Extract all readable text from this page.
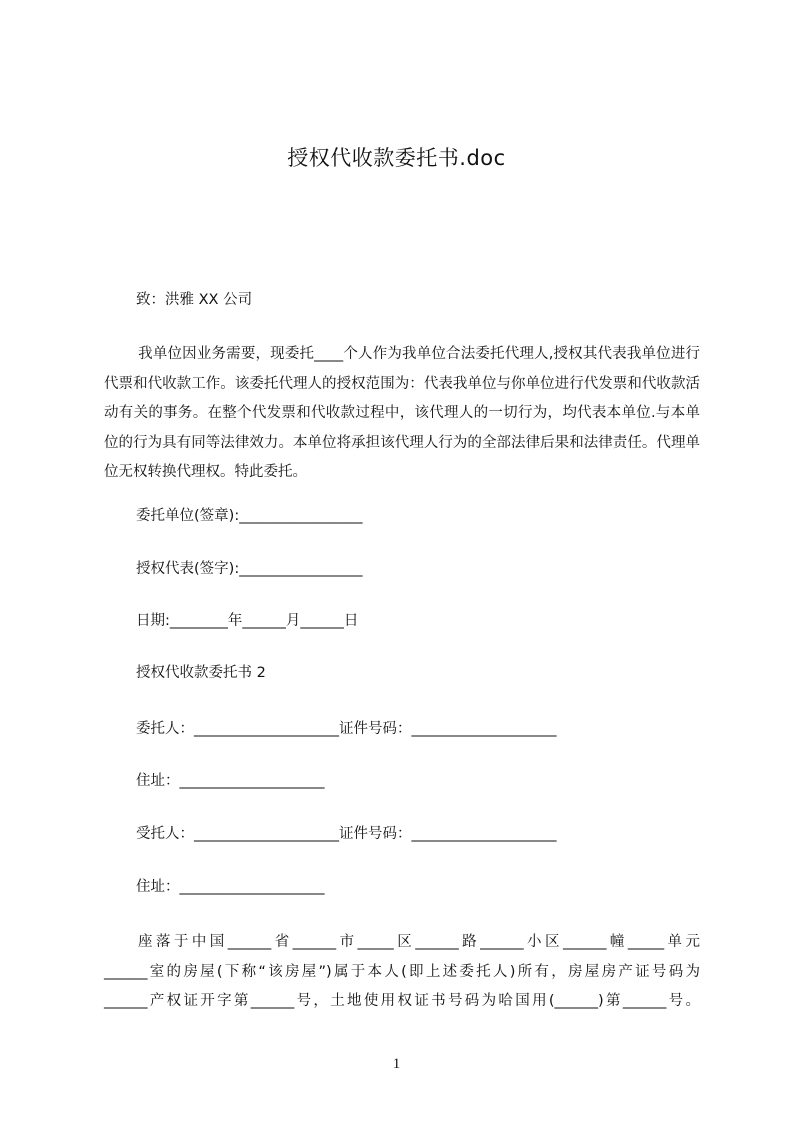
授权代收款委托书.doc
致：洪雅 XX 公司
我单位因业务需要，现委托____个人作为我单位合法委托代理人,授权其代表我单位进行代票和代收款工作。该委托代理人的授权范围为：代表我单位与你单位进行代发票和代收款活动有关的事务。在整个代发票和代收款过程中，该代理人的一切行为，均代表本单位.与本单位的行为具有同等法律效力。本单位将承担该代理人行为的全部法律后果和法律责任。代理单位无权转换代理权。特此委托。
委托单位(签章):_________________
授权代表(签字):_________________
日期:________年______月______日
授权代收款委托书 2
委托人：____________________证件号码：____________________
住址：____________________
受托人：____________________证件号码：____________________
住址：____________________
座落于中国______省______市_____区______路______小区______幢_____单元
______室的房屋(下称“该房屋”)属于本人(即上述委托人)所有，房屋房产证号码为
______产权证开字第______号，土地使用权证书号码为哈国用(______)第______号。
1
